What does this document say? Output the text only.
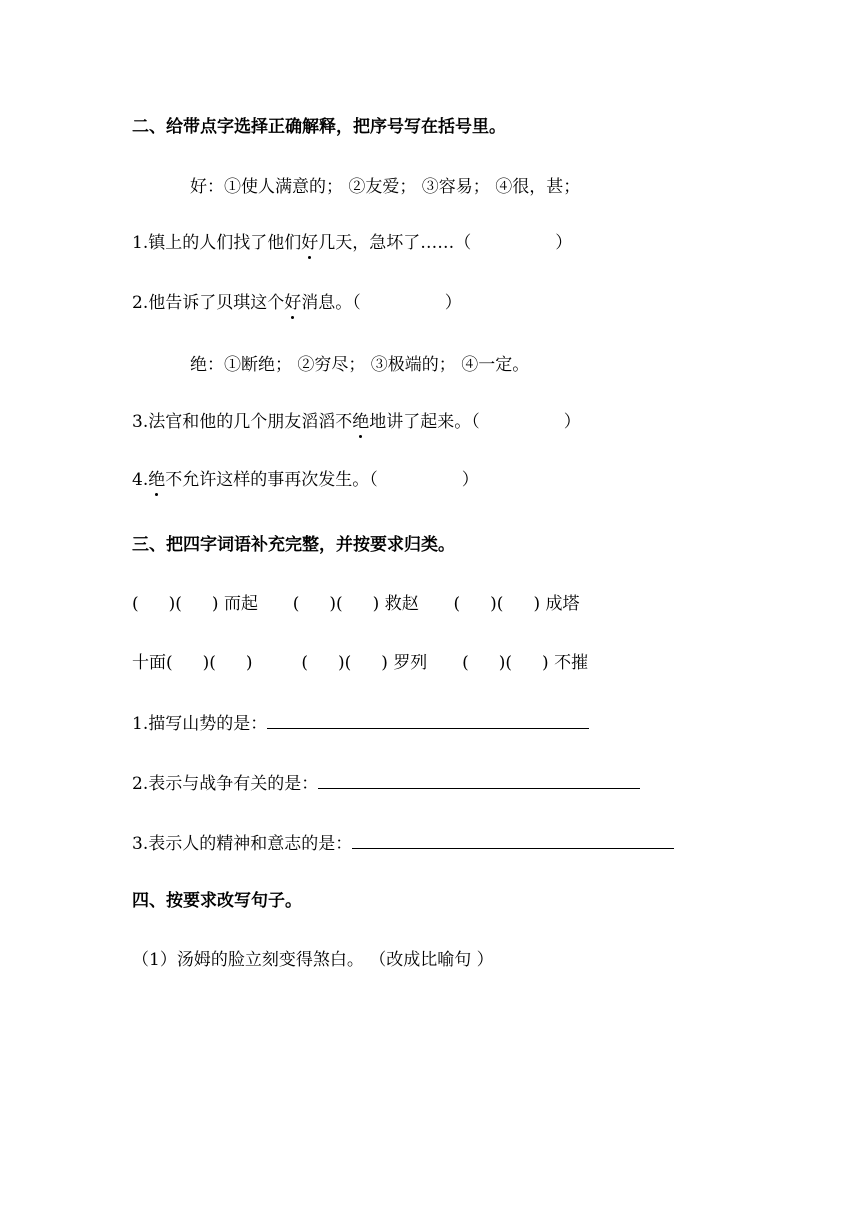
二、给带点字选择正确解释，把序号写在括号里。
好：①使人满意的； ②友爱； ③容易； ④很，甚；
1.镇上的人们找了他们好几天，急坏了……（	）
2.他告诉了贝琪这个好消息。（	）
绝：①断绝； ②穷尽； ③极端的； ④一定。
3.法官和他的几个朋友滔滔不绝地讲了起来。（	）
4.绝不允许这样的事再次发生。（	）
三、把四字词语补充完整，并按要求归类。
( )( ) 而起 ( )( ) 救赵 ( )( ) 成塔
十面( )( )	( )( ) 罗列 ( )( ) 不摧
1.描写山势的是：
2.表示与战争有关的是：
3.表示人的精神和意志的是：
四、按要求改写句子。
（1）汤姆的脸立刻变得煞白。 （改成比喻句 ）
